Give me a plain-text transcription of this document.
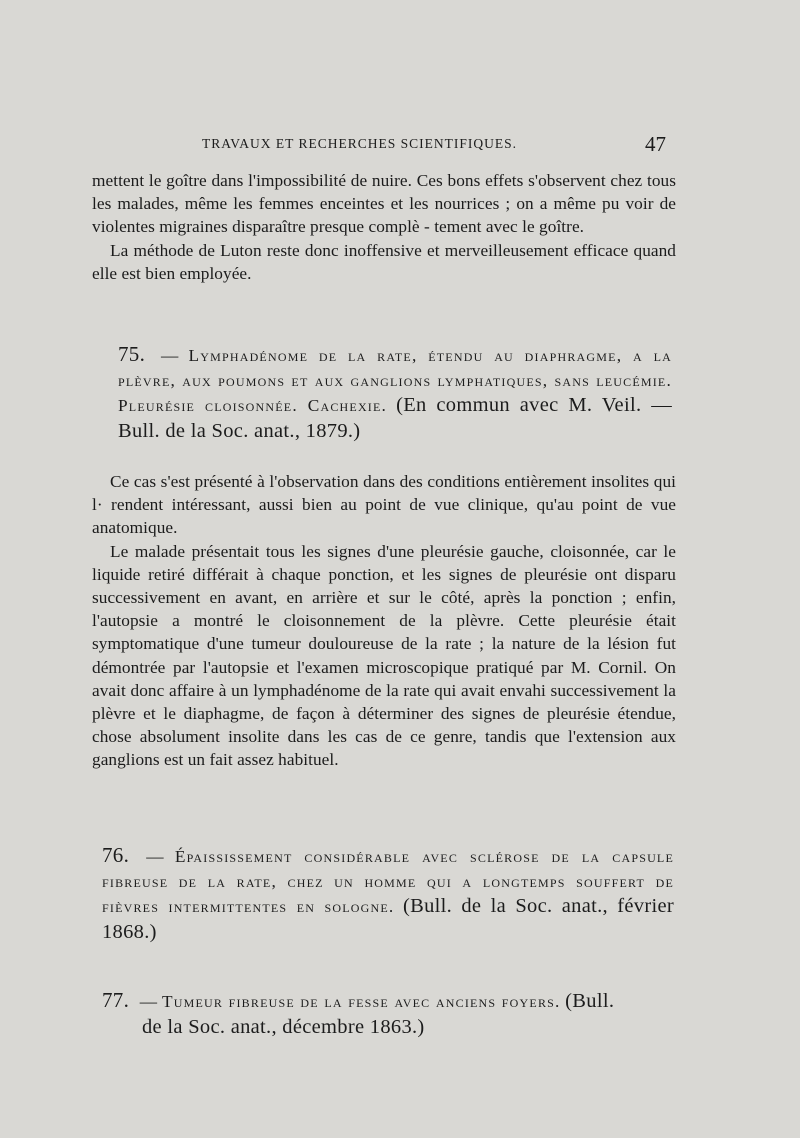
TRAVAUX ET RECHERCHES SCIENTIFIQUES.	47

mettent le goître dans l'impossibilité de nuire. Ces bons effets s'observent chez tous les malades, même les femmes enceintes et les nourrices ; on a même pu voir de violentes migraines disparaître presque complè - tement avec le goître.

La méthode de Luton reste donc inoffensive et merveilleusement efficace quand elle est bien employée.

75. — Lymphadénome de la rate, étendu au diaphragme, a la plèvre, aux poumons et aux ganglions lymphatiques, sans leucémie. Pleurésie cloisonnée. Cachexie. (En commun avec M. Veil. — Bull. de la Soc. anat., 1879.)

Ce cas s'est présenté à l'observation dans des conditions entièrement insolites qui l· rendent intéressant, aussi bien au point de vue clinique, qu'au point de vue anatomique.

Le malade présentait tous les signes d'une pleurésie gauche, cloisonnée, car le liquide retiré différait à chaque ponction, et les signes de pleurésie ont disparu successivement en avant, en arrière et sur le côté, après la ponction ; enfin, l'autopsie a montré le cloisonnement de la plèvre. Cette pleurésie était symptomatique d'une tumeur douloureuse de la rate ; la nature de la lésion fut démontrée par l'autopsie et l'examen microscopique pratiqué par M. Cornil. On avait donc affaire à un lymphadénome de la rate qui avait envahi successivement la plèvre et le diaphagme, de façon à déterminer des signes de pleurésie étendue, chose absolument insolite dans les cas de ce genre, tandis que l'extension aux ganglions est un fait assez habituel.

76. — Épaississement considérable avec sclérose de la capsule fibreuse de la rate, chez un homme qui a longtemps souffert de fièvres intermittentes en sologne. (Bull. de la Soc. anat., février 1868.)

77. — Tumeur fibreuse de la fesse avec anciens foyers. (Bull.
de la Soc. anat., décembre 1863.)
